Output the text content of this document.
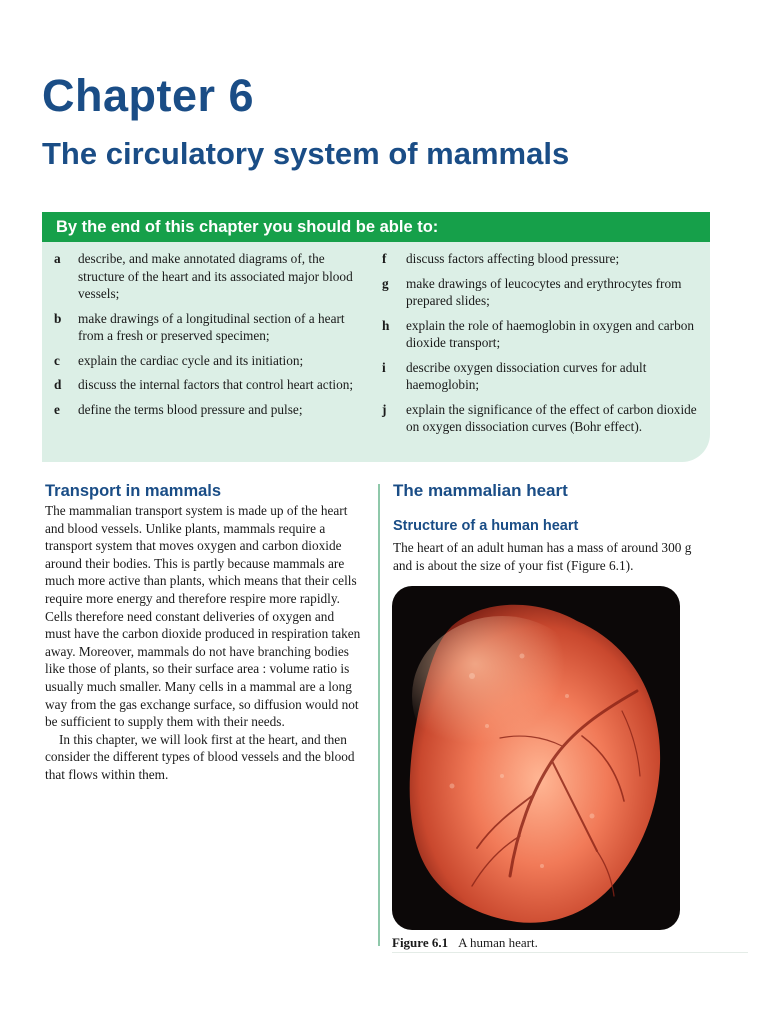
Chapter 6
The circulatory system of mammals
By the end of this chapter you should be able to:
a	describe, and make annotated diagrams of, the structure of the heart and its associated major blood vessels;
b	make drawings of a longitudinal section of a heart from a fresh or preserved specimen;
c	explain the cardiac cycle and its initiation;
d	discuss the internal factors that control heart action;
e	define the terms blood pressure and pulse;
f	discuss factors affecting blood pressure;
g	make drawings of leucocytes and erythrocytes from prepared slides;
h	explain the role of haemoglobin in oxygen and carbon dioxide transport;
i	describe oxygen dissociation curves for adult haemoglobin;
j	explain the significance of the effect of carbon dioxide on oxygen dissociation curves (Bohr effect).
Transport in mammals

The mammalian transport system is made up of the heart and blood vessels. Unlike plants, mammals require a transport system that moves oxygen and carbon dioxide around their bodies. This is partly because mammals are much more active than plants, which means that their cells require more energy and therefore respire more rapidly. Cells therefore need constant deliveries of oxygen and must have the carbon dioxide produced in respiration taken away. Moreover, mammals do not have branching bodies like those of plants, so their surface area : volume ratio is usually much smaller. Many cells in a mammal are a long way from the gas exchange surface, so diffusion would not be sufficient to supply them with their needs.

In this chapter, we will look first at the heart, and then consider the different types of blood vessels and the blood that flows within them.

The mammalian heart
Structure of a human heart

The heart of an adult human has a mass of around 300 g and is about the size of your fist (Figure 6.1).

Figure 6.1 A human heart.
